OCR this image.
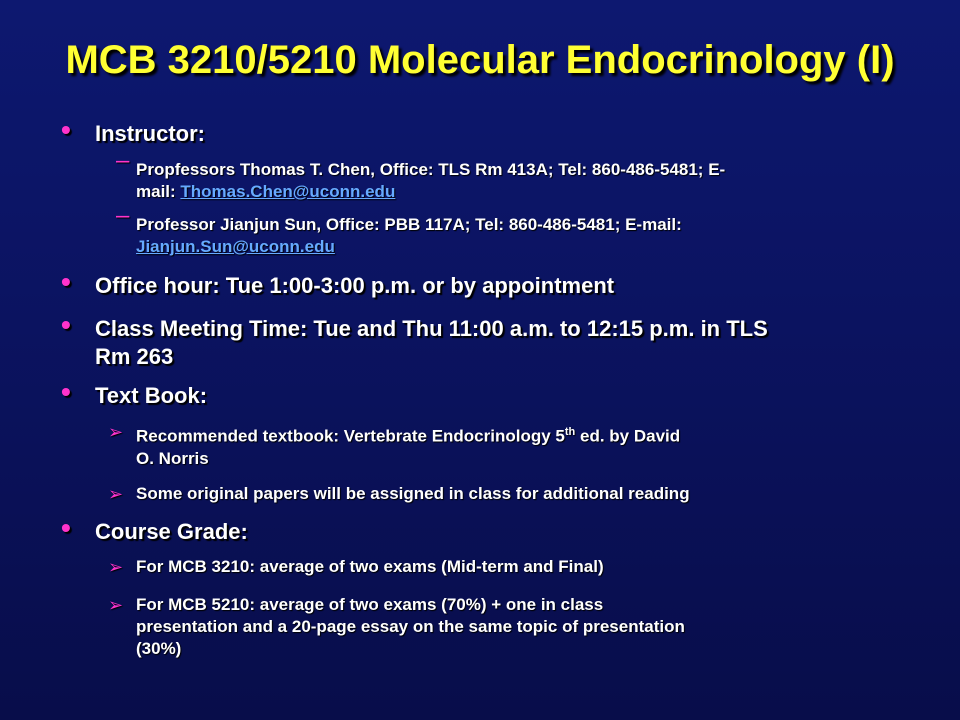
MCB 3210/5210 Molecular Endocrinology (I)
• Instructor:
– Propfessors Thomas T. Chen, Office: TLS Rm 413A; Tel: 860-486-5481; E-
mail: Thomas.Chen@uconn.edu
– Professor Jianjun Sun, Office: PBB 117A; Tel: 860-486-5481; E-mail:
Jianjun.Sun@uconn.edu
• Office hour: Tue 1:00-3:00 p.m. or by appointment
• Class Meeting Time: Tue and Thu 11:00 a.m. to 12:15 p.m. in TLS
Rm 263
• Text Book:
➢ Recommended textbook: Vertebrate Endocrinology 5th ed. by David
O. Norris
➢ Some original papers will be assigned in class for additional reading
• Course Grade:
➢ For MCB 3210: average of two exams (Mid-term and Final)
➢ For MCB 5210: average of two exams (70%) + one in class
presentation and a 20-page essay on the same topic of presentation
(30%)
